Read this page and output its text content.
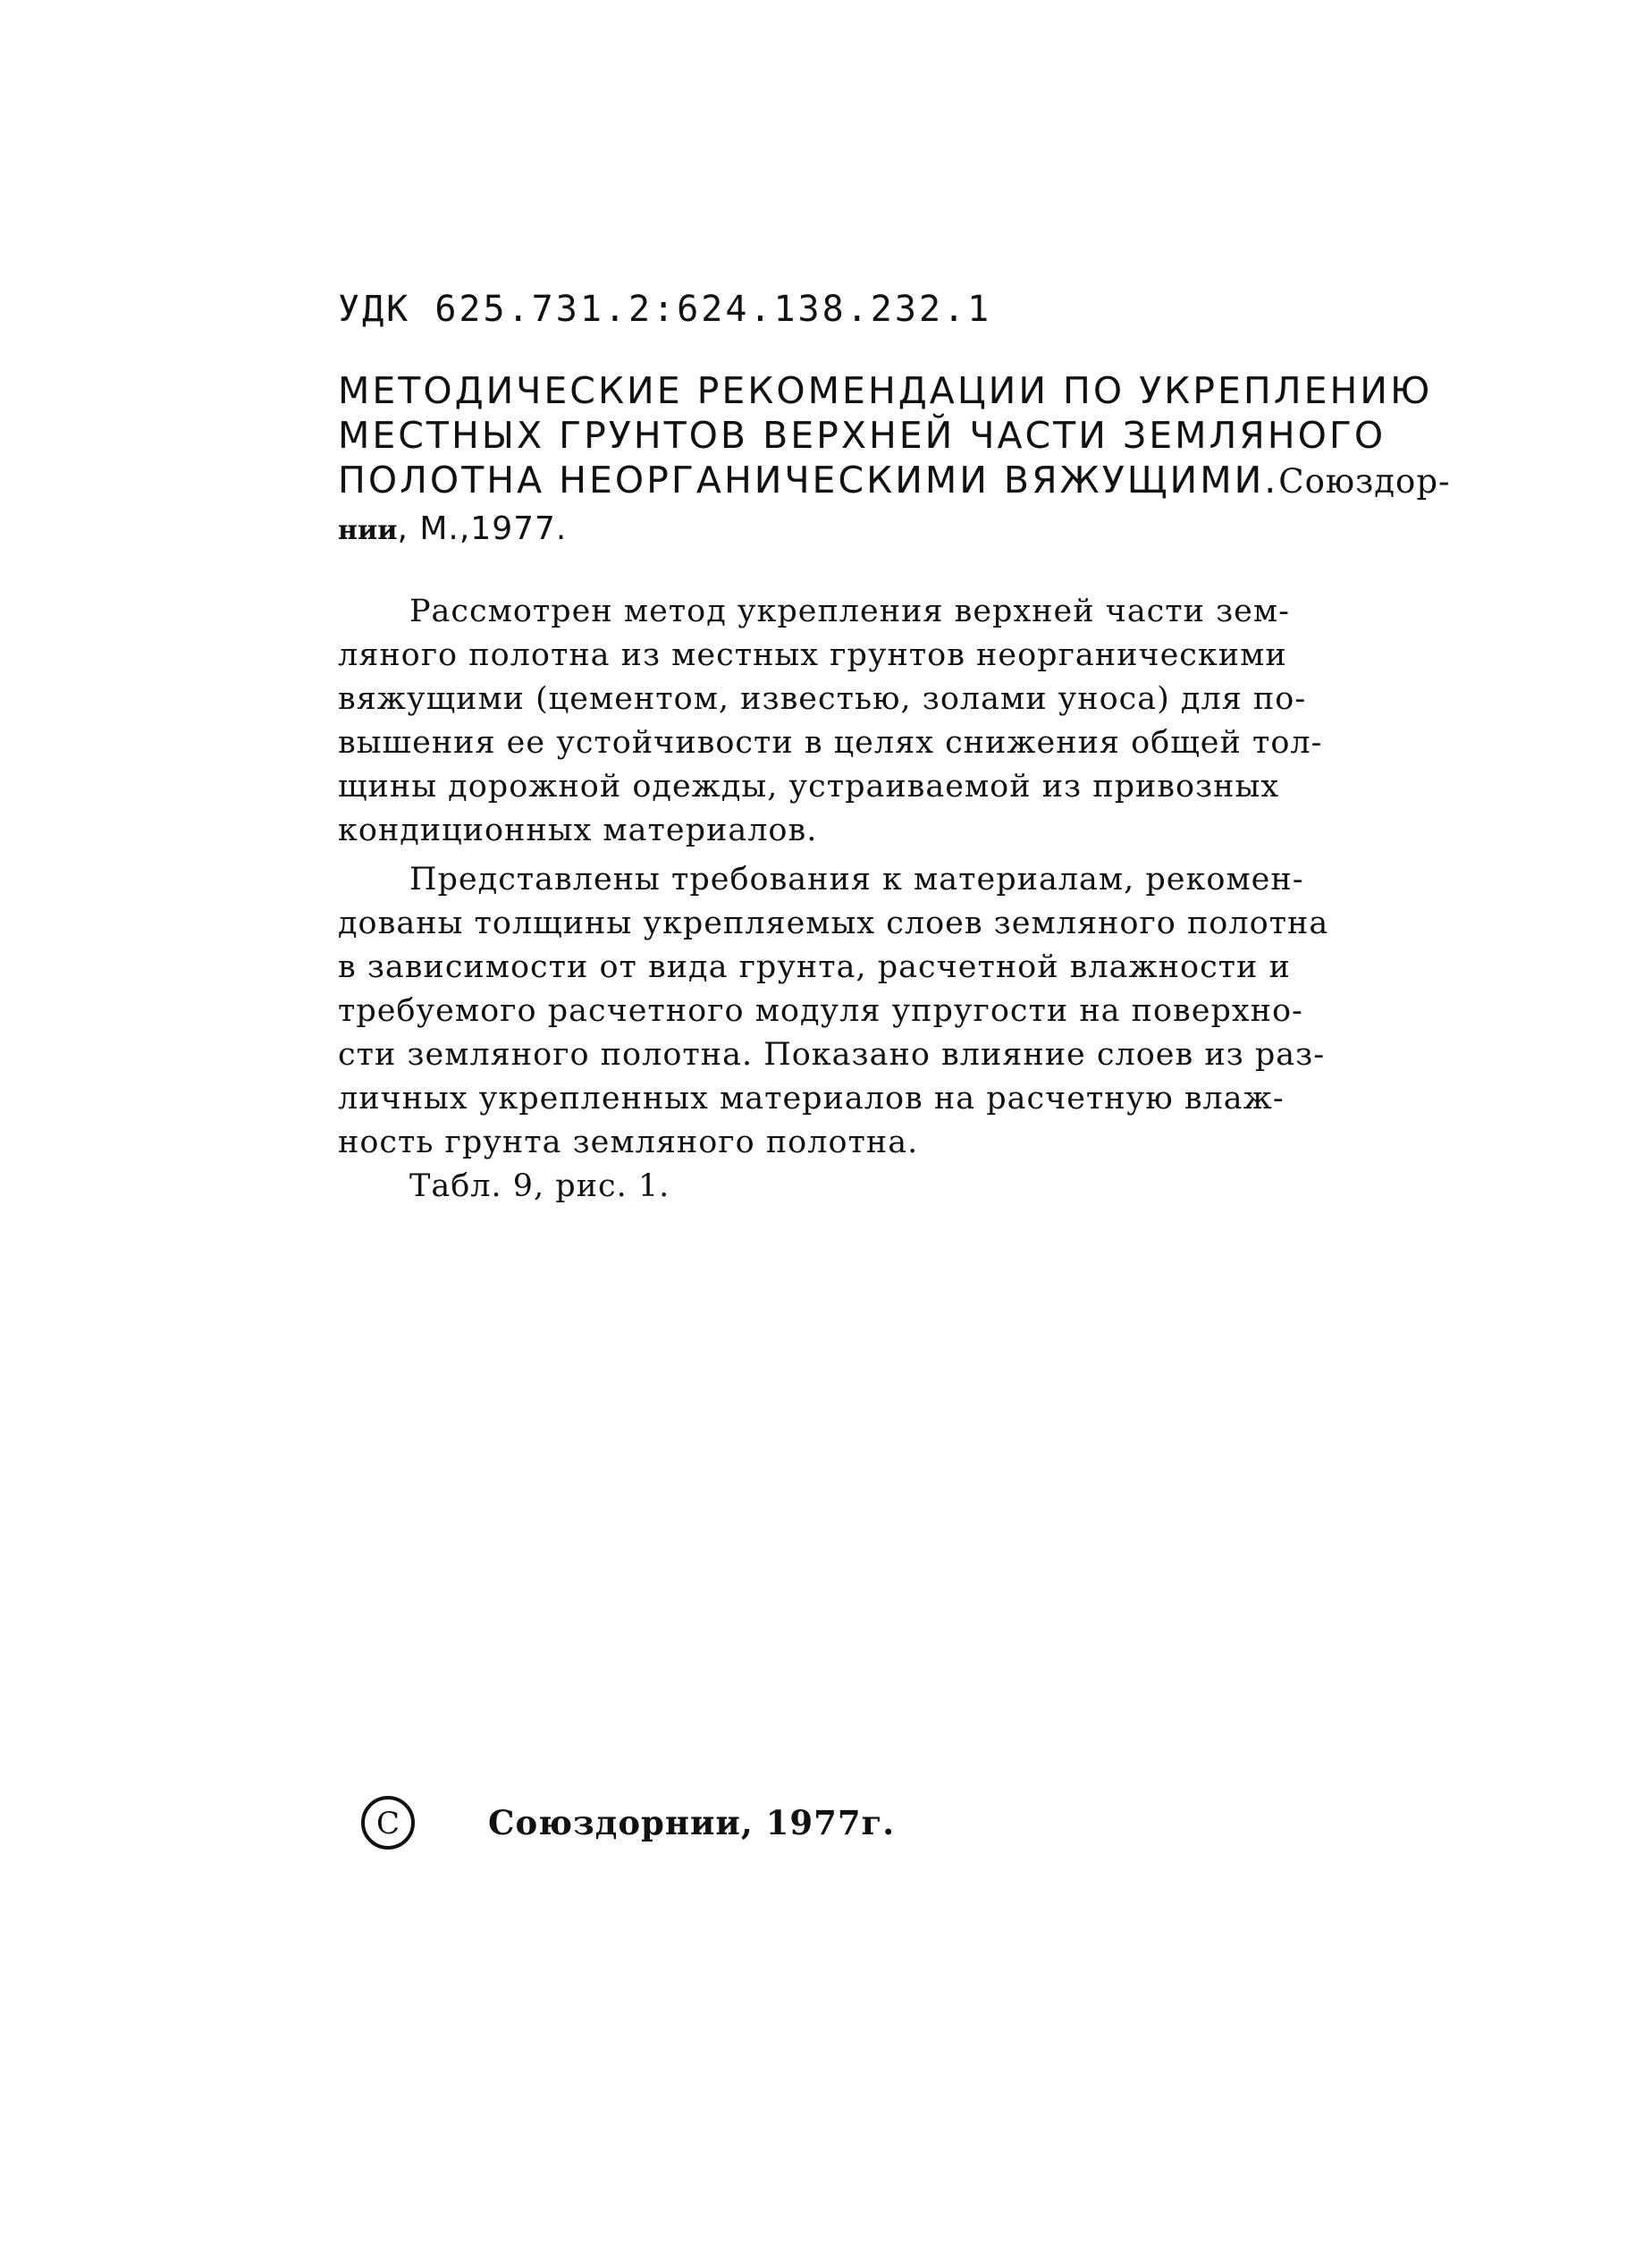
УДК 625.731.2:624.138.232.1
МЕТОДИЧЕСКИЕ РЕКОМЕНДАЦИИ ПО УКРЕПЛЕНИЮ
МЕСТНЫХ ГРУНТОВ ВЕРХНЕЙ ЧАСТИ ЗЕМЛЯНОГО
ПОЛОТНА НЕОРГАНИЧЕСКИМИ ВЯЖУЩИМИ.Союздор-
нии, М.,1977.
Рассмотрен метод укрепления верхней части зем-
ляного полотна из местных грунтов неорганическими
вяжущими (цементом, известью, золами уноса) для по-
вышения ее устойчивости в целях снижения общей тол-
щины дорожной одежды, устраиваемой из привозных
кондиционных материалов.
Представлены требования к материалам, рекомен-
дованы толщины укрепляемых слоев земляного полотна
в зависимости от вида грунта, расчетной влажности и
требуемого расчетного модуля упругости на поверхно-
сти земляного полотна. Показано влияние слоев из раз-
личных укрепленных материалов на расчетную влаж-
ность грунта земляного полотна.
Табл. 9, рис. 1.
C	Союздорнии, 1977г.
